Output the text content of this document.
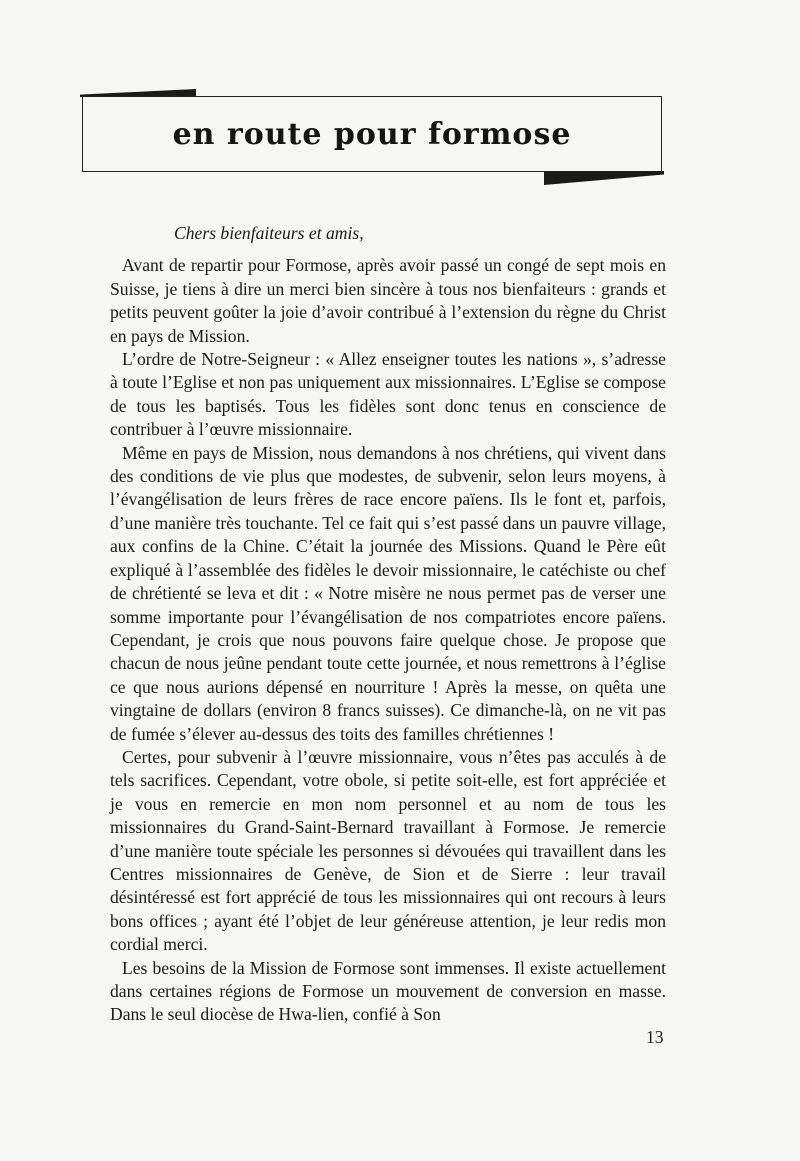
en route pour formose

Chers bienfaiteurs et amis,

Avant de repartir pour Formose, après avoir passé un congé de sept mois en Suisse, je tiens à dire un merci bien sincère à tous nos bienfaiteurs : grands et petits peuvent goûter la joie d’avoir contribué à l’extension du règne du Christ en pays de Mission.

L’ordre de Notre-Seigneur : « Allez enseigner toutes les nations », s’adresse à toute l’Eglise et non pas uniquement aux missionnaires. L’Eglise se compose de tous les baptisés. Tous les fidèles sont donc tenus en conscience de contribuer à l’œuvre missionnaire.

Même en pays de Mission, nous demandons à nos chrétiens, qui vivent dans des conditions de vie plus que modestes, de subvenir, selon leurs moyens, à l’évangélisation de leurs frères de race encore païens. Ils le font et, parfois, d’une manière très touchante. Tel ce fait qui s’est passé dans un pauvre village, aux confins de la Chine. C’était la journée des Missions. Quand le Père eût expliqué à l’assemblée des fidèles le devoir missionnaire, le catéchiste ou chef de chrétienté se leva et dit : « Notre misère ne nous permet pas de verser une somme importante pour l’évangélisation de nos compatriotes encore païens. Cependant, je crois que nous pouvons faire quelque chose. Je propose que chacun de nous jeûne pendant toute cette journée, et nous remettrons à l’église ce que nous aurions dépensé en nourriture ! Après la messe, on quêta une vingtaine de dollars (environ 8 francs suisses). Ce dimanche-là, on ne vit pas de fumée s’élever au-dessus des toits des familles chrétiennes !

Certes, pour subvenir à l’œuvre missionnaire, vous n’êtes pas acculés à de tels sacrifices. Cependant, votre obole, si petite soit-elle, est fort appréciée et je vous en remercie en mon nom personnel et au nom de tous les missionnaires du Grand-Saint-Bernard travaillant à Formose. Je remercie d’une manière toute spéciale les personnes si dévouées qui travaillent dans les Centres missionnaires de Genève, de Sion et de Sierre : leur travail désintéressé est fort apprécié de tous les missionnaires qui ont recours à leurs bons offices ; ayant été l’objet de leur généreuse attention, je leur redis mon cordial merci.

Les besoins de la Mission de Formose sont immenses. Il existe actuellement dans certaines régions de Formose un mouvement de conversion en masse. Dans le seul diocèse de Hwa-lien, confié à Son

13
